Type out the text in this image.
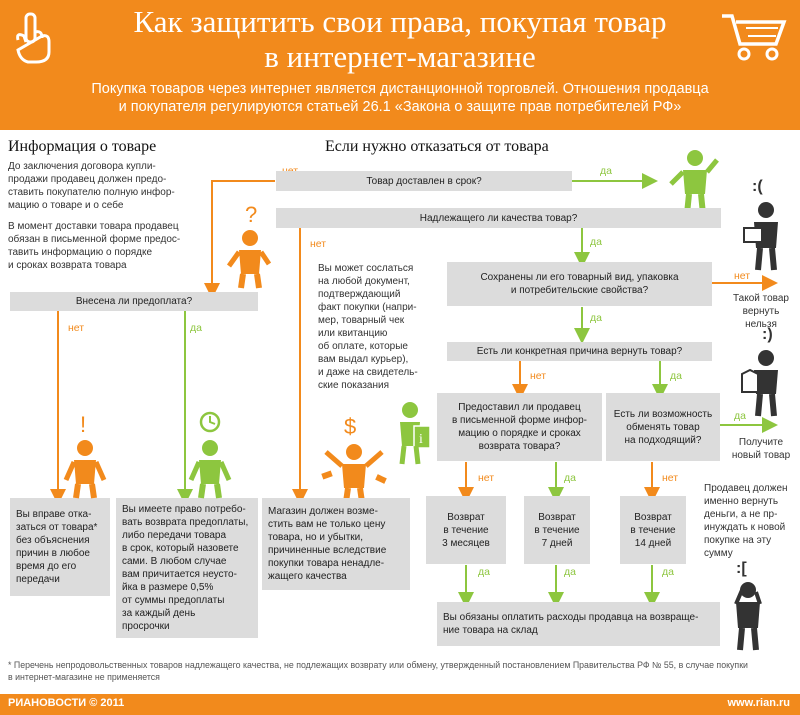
Как защитить свои права, покупая товар
в интернет-магазине
Покупка товаров через интернет является дистанционной торговлей. Отношения продавца
и покупателя регулируются статьей 26.1 «Закона о защите прав потребителей РФ»
Информация о товаре
До заключения договора купли-
продажи продавец должен предо-
ставить покупателю полную инфор-
мацию о товаре и о себе
В момент доставки товара продавец
обязан в письменной форме предос-
тавить информацию о порядке
и сроках возврата товара
Внесена ли предоплата?
нет	да
Вы вправе отка-
заться от товара*
без объяснения
причин в любое
время до его
передачи
Вы имеете право потребо-
вать возврата предоплаты,
либо передачи товара
в срок, который назовете
сами. В любом случае
вам причитается неусто-
йка в размере 0,5%
от суммы предоплаты
за каждый день
просрочки
?
!
Если нужно отказаться от товара
Товар доставлен в срок?
да
Надлежащего ли качества товар?
нет	да
:(
Сохранены ли его товарный вид, упаковка
и потребительские свойства?
нет
Такой товар
вернуть
нельзя
да
Вы может сослаться
на любой документ,
подтверждающий
факт покупки (напри-
мер, товарный чек
или квитанцию
об оплате, которые
вам выдал курьер),
и даже на свидетель-
ские показания
Есть ли конкретная причина вернуть товар?
:)
нет	да
$
i
Предоставил ли продавец
в письменной форме инфор-
мацию о порядке и сроках
возврата товара?
Есть ли возможность
обменять товар
на подходящий?
да
Получите
новый товар
нет	да	нет
Продавец должен
именно вернуть
деньги, а не пр-
инуждать к новой
покупке на эту
сумму
Магазин должен возме-
стить вам не только цену
товара, но и убытки,
причиненные вследствие
покупки товара ненадле-
жащего качества
Возврат
в течение
3 месяцев
Возврат
в течение
7 дней
Возврат
в течение
14 дней
да	да	да	:[
Вы обязаны оплатить расходы продавца на возвраще-
ние товара на склад
* Перечень непродовольственных товаров надлежащего качества, не подлежащих возврату или обмену, утвержденный постановлением Правительства РФ № 55, в случае покупки
в интернет-магазине не применяется
РИАНОВОСТИ © 2011	www.rian.ru
